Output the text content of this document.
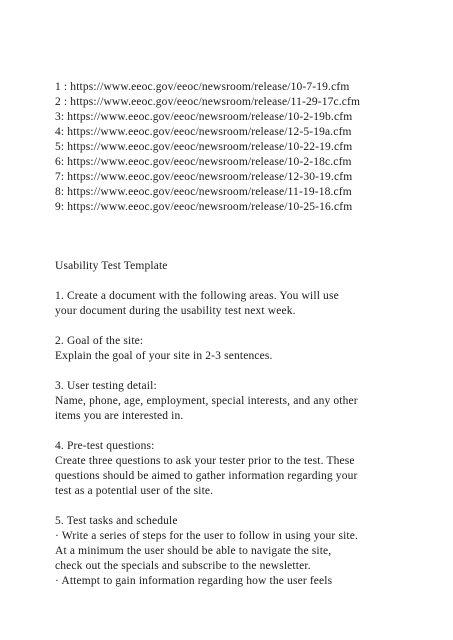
1 : https://www.eeoc.gov/eeoc/newsroom/release/10-7-19.cfm
2 : https://www.eeoc.gov/eeoc/newsroom/release/11-29-17c.cfm
3: https://www.eeoc.gov/eeoc/newsroom/release/10-2-19b.cfm
4: https://www.eeoc.gov/eeoc/newsroom/release/12-5-19a.cfm
5: https://www.eeoc.gov/eeoc/newsroom/release/10-22-19.cfm
6: https://www.eeoc.gov/eeoc/newsroom/release/10-2-18c.cfm
7: https://www.eeoc.gov/eeoc/newsroom/release/12-30-19.cfm
8: https://www.eeoc.gov/eeoc/newsroom/release/11-19-18.cfm
9: https://www.eeoc.gov/eeoc/newsroom/release/10-25-16.cfm
Usability Test Template
1. Create a document with the following areas. You will use
your document during the usability test next week.
2. Goal of the site:
Explain the goal of your site in 2-3 sentences.
3. User testing detail:
Name, phone, age, employment, special interests, and any other
items you are interested in.
4. Pre-test questions:
Create three questions to ask your tester prior to the test. These
questions should be aimed to gather information regarding your
test as a potential user of the site.
5. Test tasks and schedule
· Write a series of steps for the user to follow in using your site.
At a minimum the user should be able to navigate the site,
check out the specials and subscribe to the newsletter.
· Attempt to gain information regarding how the user feels
